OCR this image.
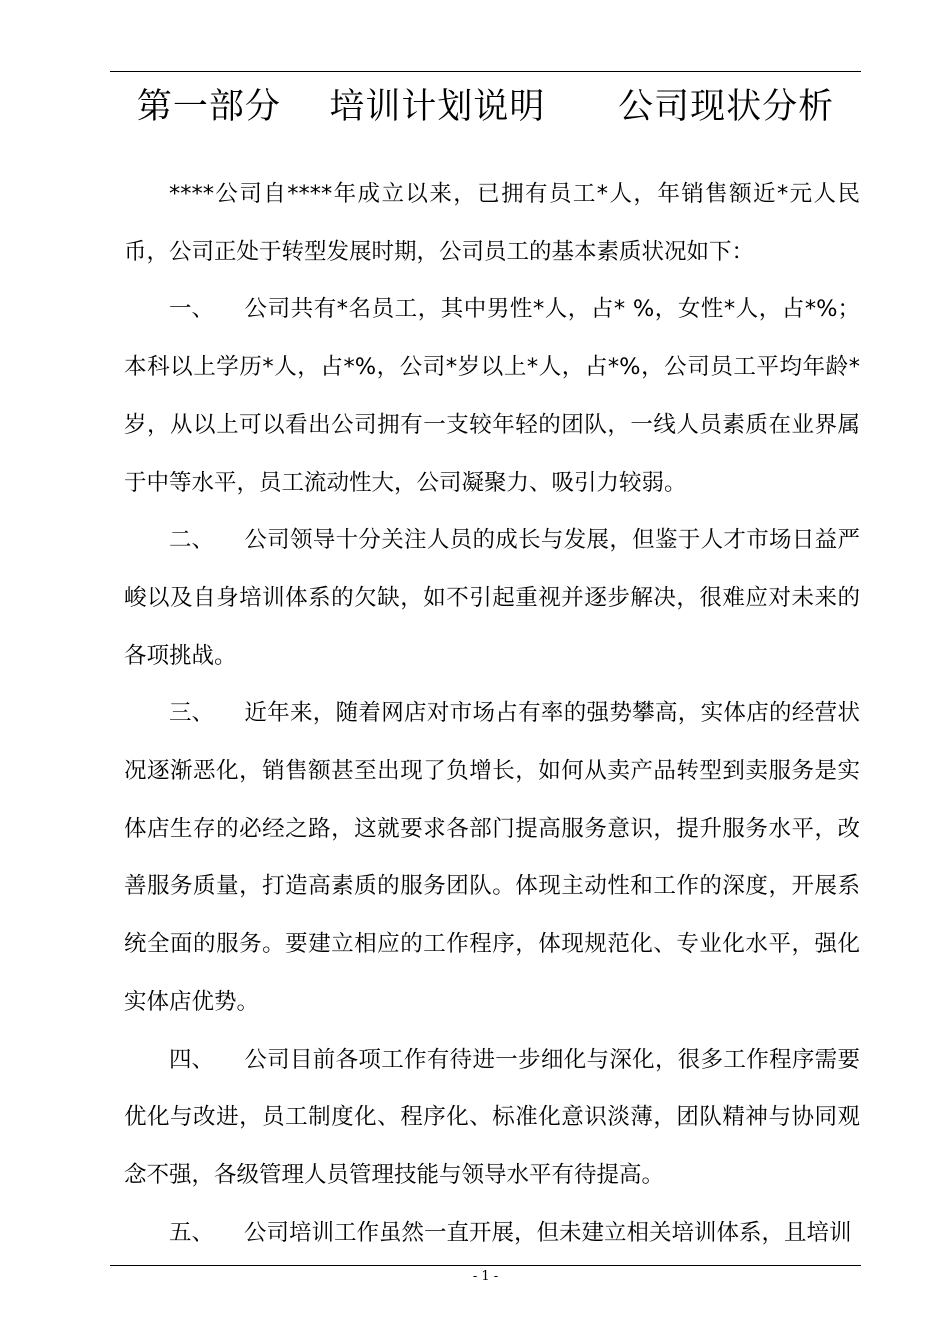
第一部分    培训计划说明      公司现状分析

****公司自****年成立以来，已拥有员工*人，年销售额近*元人民币，公司正处于转型发展时期，公司员工的基本素质状况如下：

一、 公司共有*名员工，其中男性*人，占* %，女性*人，占*%；本科以上学历*人，占*%，公司*岁以上*人，占*%，公司员工平均年龄*岁，从以上可以看出公司拥有一支较年轻的团队，一线人员素质在业界属于中等水平，员工流动性大，公司凝聚力、吸引力较弱。

二、 公司领导十分关注人员的成长与发展，但鉴于人才市场日益严峻以及自身培训体系的欠缺，如不引起重视并逐步解决，很难应对未来的各项挑战。

三、 近年来，随着网店对市场占有率的强势攀高，实体店的经营状况逐渐恶化，销售额甚至出现了负增长，如何从卖产品转型到卖服务是实体店生存的必经之路，这就要求各部门提高服务意识，提升服务水平，改善服务质量，打造高素质的服务团队。体现主动性和工作的深度，开展系统全面的服务。要建立相应的工作程序，体现规范化、专业化水平，强化实体店优势。

四、 公司目前各项工作有待进一步细化与深化，很多工作程序需要优化与改进，员工制度化、程序化、标准化意识淡薄，团队精神与协同观念不强，各级管理人员管理技能与领导水平有待提高。

五、 公司培训工作虽然一直开展，但未建立相关培训体系，且培训

- 1 -
